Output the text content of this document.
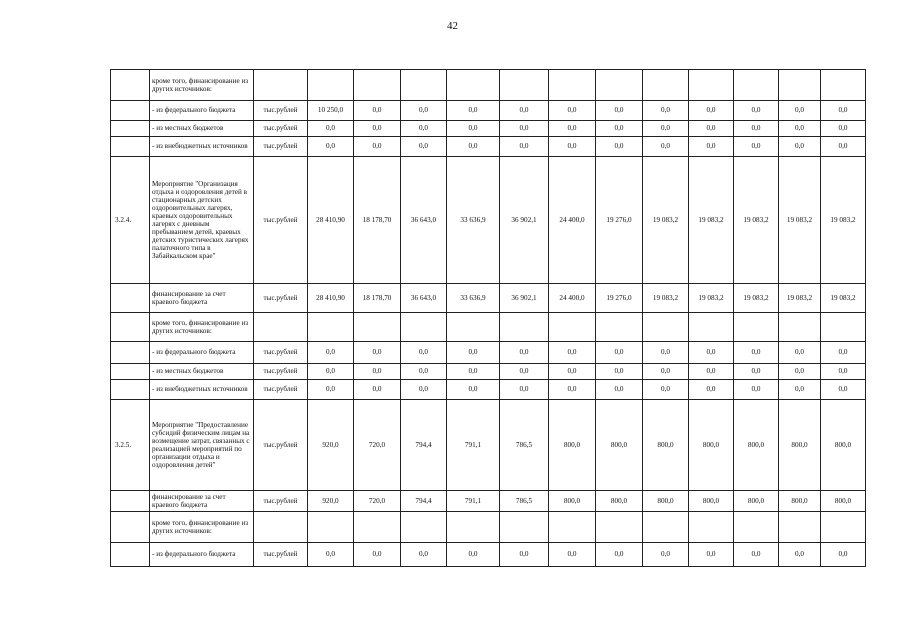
42
	кроме того, финансирование из других источников:													
	- из федерального бюджета	тыс.рублей	10 250,0	0,0	0,0	0,0	0,0	0,0	0,0	0,0	0,0	0,0	0,0	0,0
	- из местных бюджетов	тыс.рублей	0,0	0,0	0,0	0,0	0,0	0,0	0,0	0,0	0,0	0,0	0,0	0,0
	- из внебюджетных источников	тыс.рублей	0,0	0,0	0,0	0,0	0,0	0,0	0,0	0,0	0,0	0,0	0,0	0,0
3.2.4.	Мероприятие "Организация отдыха и оздоровления детей в стационарных детских оздоровительных лагерях, краевых оздоровительных лагерях с дневным пребыванием детей, краевых детских туристических лагерях палаточного типа в Забайкальском крае"	тыс.рублей	28 410,90	18 178,70	36 643,0	33 636,9	36 902,1	24 400,0	19 276,0	19 083,2	19 083,2	19 083,2	19 083,2	19 083,2
	финансирование за счет краевого бюджета	тыс.рублей	28 410,90	18 178,70	36 643,0	33 636,9	36 902,1	24 400,0	19 276,0	19 083,2	19 083,2	19 083,2	19 083,2	19 083,2
	кроме того, финансирование из других источников:													
	- из федерального бюджета	тыс.рублей	0,0	0,0	0,0	0,0	0,0	0,0	0,0	0,0	0,0	0,0	0,0	0,0
	- из местных бюджетов	тыс.рублей	0,0	0,0	0,0	0,0	0,0	0,0	0,0	0,0	0,0	0,0	0,0	0,0
	- из внебюджетных источников	тыс.рублей	0,0	0,0	0,0	0,0	0,0	0,0	0,0	0,0	0,0	0,0	0,0	0,0
3.2.5.	Мероприятие "Предоставление субсидий физическим лицам на возмещение затрат, связанных с реализацией мероприятий по организации отдыха и оздоровления детей"	тыс.рублей	920,0	720,0	794,4	791,1	786,5	800,0	800,0	800,0	800,0	800,0	800,0	800,0
	финансирование за счет краевого бюджета	тыс.рублей	920,0	720,0	794,4	791,1	786,5	800,0	800,0	800,0	800,0	800,0	800,0	800,0
	кроме того, финансирование из других источников:													
	- из федерального бюджета	тыс.рублей	0,0	0,0	0,0	0,0	0,0	0,0	0,0	0,0	0,0	0,0	0,0	0,0
